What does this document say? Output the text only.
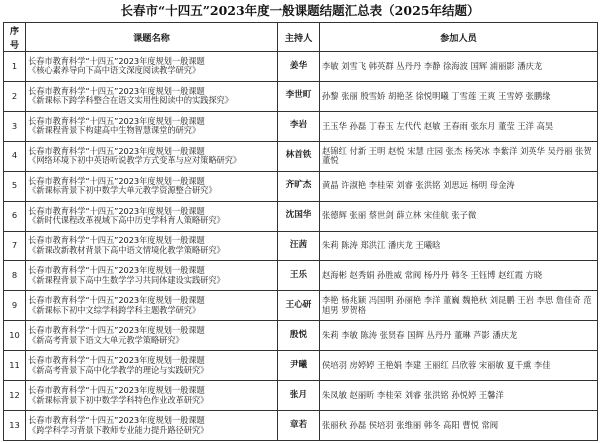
长春市“十四五”2023年度一般课题结题汇总表（2025年结题）
序号	课题名称	主持人	参加人员
1	长春市教育科学“十四五”2023年度规划一般课题
《核心素养导向下高中语文深度阅读教学研究》	姜华	李敏 刘雪飞 韩英群 丛丹丹 李静 徐海波 国辉 浦丽影 潘庆龙
2	长春市教育科学“十四五”2023年度规划一般课题
《新课标下跨学科整合在语文实用性阅读中的实践探究》	李世町	孙黎 张丽 殷雪娇 胡艳茎 徐悦明曦 丁雪莲 王爽 王雪婷 张鹏缘
3	长春市教育科学“十四五”2023年度规划一般课题
《新课程背景下构建高中生物智慧课堂的研究》	李岩	王玉华 孙磊 丁春玉 左代代 赵敏 王春雨 张东月 董莹 王洋 高昊
4	长春市教育科学“十四五”2023年度规划一般课题
《网络环境下初中英语听说教学方式变革与应对策略研究》	林首铁	赵锦红 付新 王明 赵悦 宋慧 庄园 张杰 杨笑冰 李紫洋 刘英华 吴丹丽 张贺 董悦
5	长春市教育科学“十四五”2023年度规划一般课题
《新课标背景下初中数学大单元教学资源整合研究》	齐旷杰	黄晶 许淑艳 李桂荣 刘睿 张洪铭 刘思远 杨明 母金涛
6	长春市教育科学“十四五”2023年度规划一般课题
《新时代课程改革视域下高中历史学科育人策略研究》	沈国华	张德辉 张丽 蔡世剑 薛立林 宋佳航 张子微
7	长春市教育科学“十四五”2023年度规划一般课题
《新课改新教材背景下高中语文情境化教学策略研究》	汪茜	朱莉 陈涛 郑洪江 潘庆龙 王曦晗
8	长春市教育科学“十四五”2023年度规划一般课题
《新课程背景下高中生数学学习共同体建设实践研究》	王乐	赵海彬 赵秀娟 孙胜威 常阀 杨丹丹 韩冬 王钰博 赵红霞 方晓
9	长春市教育科学“十四五”2023年度规划一般课题
《新课标下初中文综学科跨学科主题教学研究》	王心研	李艳 杨兆颖 冯国明 孙丽艳 李洋 董巍 魏艳秋 刘昆鹏 王岩 李思 詹佳奇 范旭男 罗贺格
10	长春市教育科学“十四五”2023年度规划一般课题
《新高考背景下语文大单元教学策略研究》	殷悦	朱莉 李敏 陈涛 张贤春 国辉 丛丹丹 董琳 芦影 潘庆龙
11	长春市教育科学“十四五”2023年度规划一般课题
《新高考背景下高中化学教学的理论与实践研究》	尹曦	侯培羽 房婷婷 王艳娟 李建 王丽红 吕欣蓉 宋丽敏 夏千熏 李佳
12	长春市教育科学“十四五”2023年度规划一般课题
《新课标背景下初中数学学科特色作业改革研究》	张月	朱凤敏 赵丽昕 李桂荣 刘睿 张洪铭 孙悦婷 王馨洋
13	长春市教育科学“十四五”2023年度规划一般课题
《跨学科学习背景下教师专业能力提升路径研究》	章若	张丽秋 孙磊 侯培羽 张维丽 韩冬 高阳 曹悦 常阀
